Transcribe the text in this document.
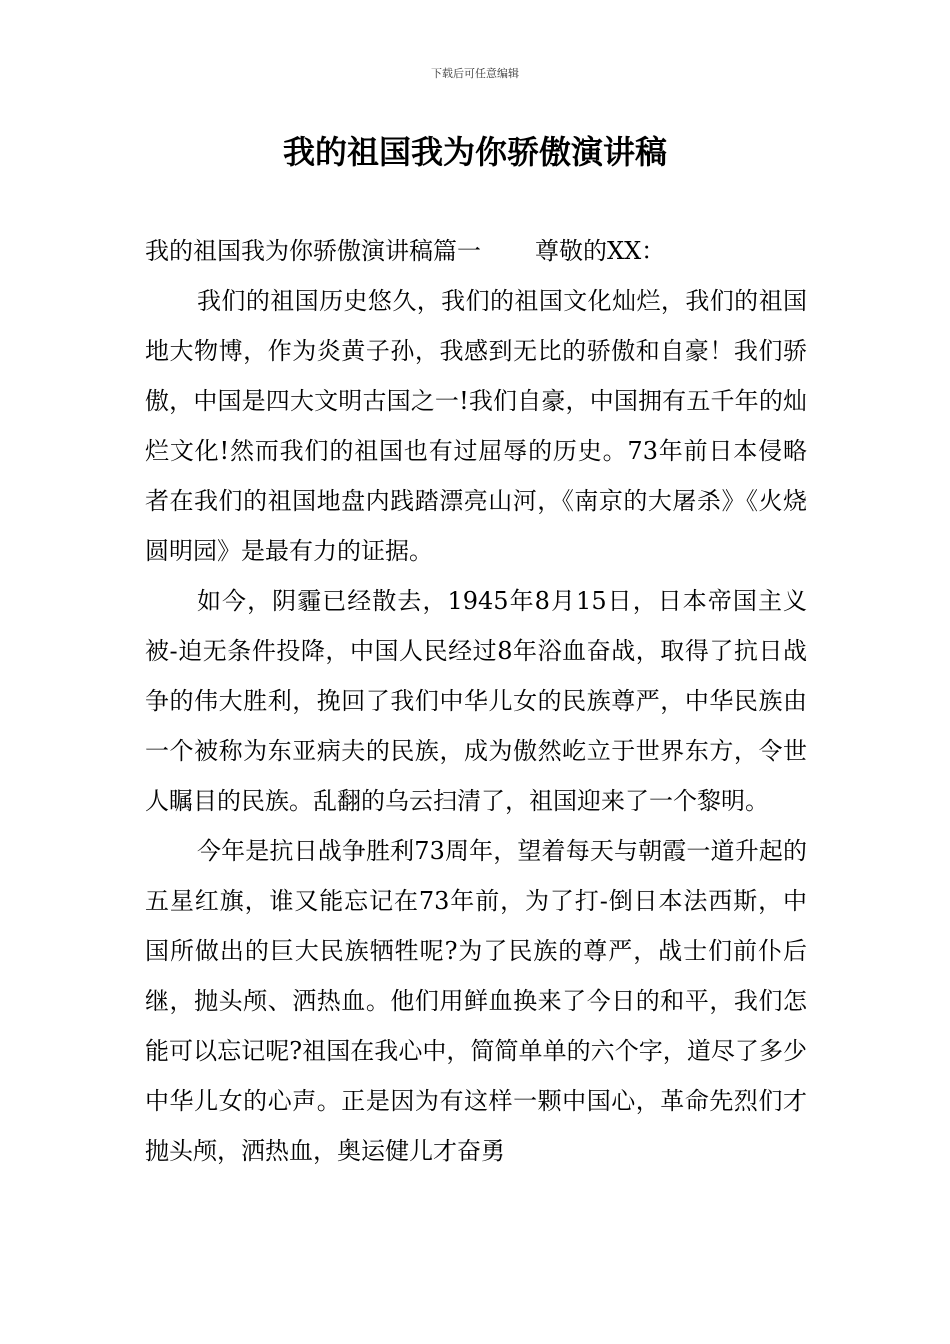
下载后可任意编辑
我的祖国我为你骄傲演讲稿

我的祖国我为你骄傲演讲稿篇一 尊敬的XX：

我们的祖国历史悠久，我们的祖国文化灿烂，我们的祖国地大物博，作为炎黄子孙，我感到无比的骄傲和自豪！我们骄傲，中国是四大文明古国之一!我们自豪，中国拥有五千年的灿烂文化!然而我们的祖国也有过屈辱的历史。73年前日本侵略者在我们的祖国地盘内践踏漂亮山河，《南京的大屠杀》《火烧圆明园》是最有力的证据。

如今，阴霾已经散去，1945年8月15日，日本帝国主义被-迫无条件投降，中国人民经过8年浴血奋战，取得了抗日战争的伟大胜利，挽回了我们中华儿女的民族尊严，中华民族由一个被称为东亚病夫的民族，成为傲然屹立于世界东方，令世人瞩目的民族。乱翻的乌云扫清了，祖国迎来了一个黎明。

今年是抗日战争胜利73周年，望着每天与朝霞一道升起的五星红旗，谁又能忘记在73年前，为了打-倒日本法西斯，中国所做出的巨大民族牺牲呢?为了民族的尊严，战士们前仆后继，抛头颅、洒热血。他们用鲜血换来了今日的和平，我们怎能可以忘记呢?祖国在我心中，简简单单的六个字，道尽了多少中华儿女的心声。正是因为有这样一颗中国心，革命先烈们才抛头颅，洒热血，奥运健儿才奋勇
